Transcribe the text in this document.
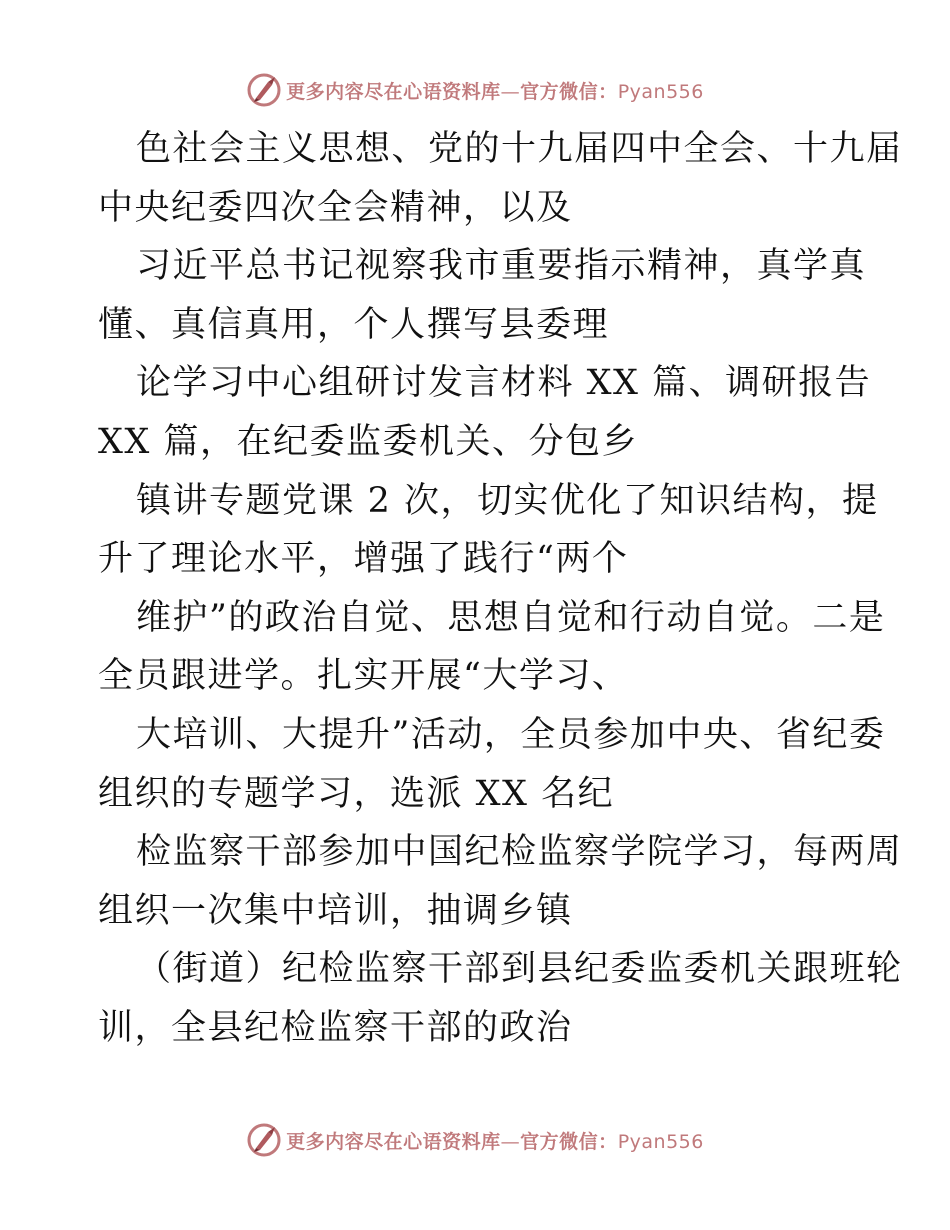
更多内容尽在心语资料库—官方微信：Pyan556
色社会主义思想、党的十九届四中全会、十九届
中央纪委四次全会精神，以及
习近平总书记视察我市重要指示精神，真学真
懂、真信真用，个人撰写县委理
论学习中心组研讨发言材料 XX 篇、调研报告
XX 篇，在纪委监委机关、分包乡
镇讲专题党课 2 次，切实优化了知识结构，提
升了理论水平，增强了践行“两个
维护”的政治自觉、思想自觉和行动自觉。二是
全员跟进学。扎实开展“大学习、
大培训、大提升”活动，全员参加中央、省纪委
组织的专题学习，选派 XX 名纪
检监察干部参加中国纪检监察学院学习，每两周
组织一次集中培训，抽调乡镇
（街道）纪检监察干部到县纪委监委机关跟班轮
训，全县纪检监察干部的政治
更多内容尽在心语资料库—官方微信：Pyan556
